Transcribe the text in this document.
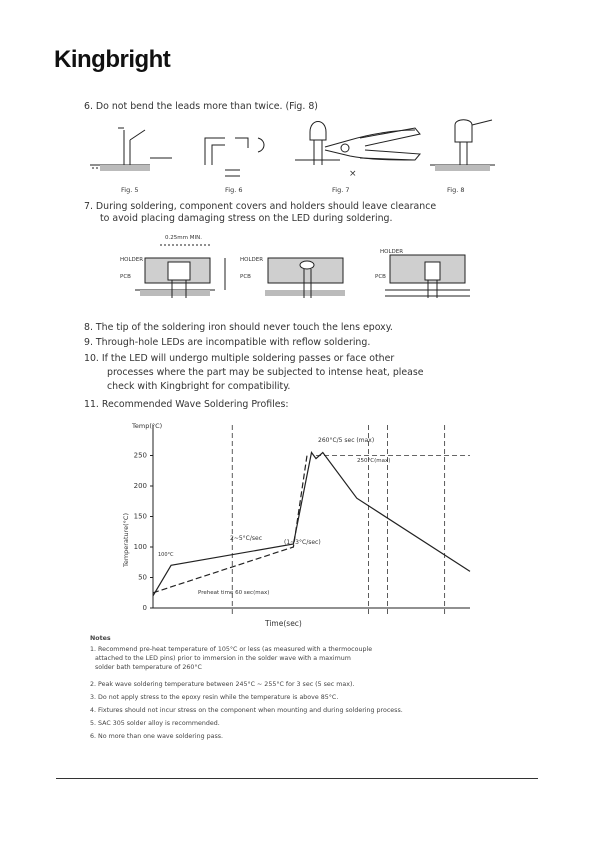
Kingbright
6. Do not bend the leads more than twice. (Fig. 8)
×
Fig. 5	Fig. 6	Fig. 7	Fig. 8
7. During soldering, component covers and holders should leave clearance
to avoid placing damaging stress on the LED during soldering.
0.25mm MIN.
HOLDER	HOLDER
HOLDER
PCB	PCB	PCB
8. The tip of the soldering iron should never touch the lens epoxy.
9. Through-hole LEDs are incompatible with reflow soldering.
10. If the LED will undergo multiple soldering passes or face other
processes where the part may be subjected to intense heat, please
check with Kingbright for compatibility.
11. Recommended Wave Soldering Profiles:
0
50
100
150
200
250
Temp(°C)
Temperature(°C)
Time(sec)
260°C/5 sec (max)
250°C(max)
2~5°C/sec
(1~3°C/sec)
Preheat time 60 sec(max)
100°C
Notes
1. Recommend pre-heat temperature of 105°C or less (as measured with a thermocouple
attached to the LED pins) prior to immersion in the solder wave with a maximum
solder bath temperature of 260°C
2. Peak wave soldering temperature between 245°C ~ 255°C for 3 sec (5 sec max).
3. Do not apply stress to the epoxy resin while the temperature is above 85°C.
4. Fixtures should not incur stress on the component when mounting and during soldering process.
5. SAC 305 solder alloy is recommended.
6. No more than one wave soldering pass.
